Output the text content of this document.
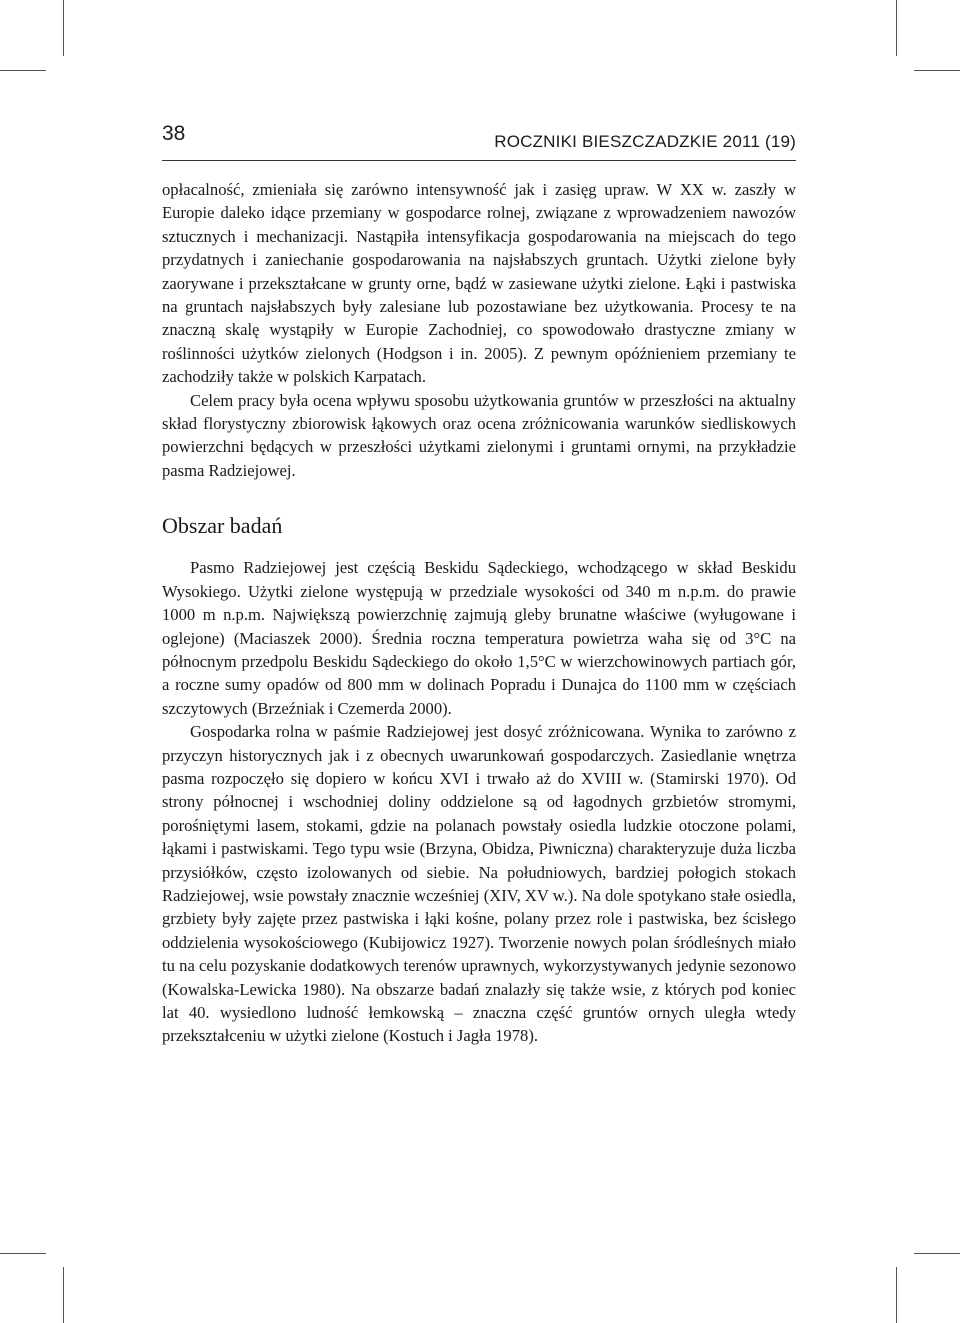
38	ROCZNIKI BIESZCZADZKIE 2011 (19)

opłacalność, zmieniała się zarówno intensywność jak i zasięg upraw. W XX w. zaszły w Europie daleko idące przemiany w gospodarce rolnej, związane z wprowadzeniem nawozów sztucznych i mechanizacji. Nastąpiła intensyfikacja gospodarowania na miejscach do tego przydatnych i zaniechanie gospodarowania na najsłabszych gruntach. Użytki zielone były zaorywane i przekształcane w grunty orne, bądź w zasiewane użytki zielone. Łąki i pastwiska na gruntach najsłabszych były zalesiane lub pozostawiane bez użytkowania. Procesy te na znaczną skalę wystąpiły w Europie Zachodniej, co spowodowało drastyczne zmiany w roślinności użytków zielonych (Hodgson i in. 2005). Z pewnym opóźnieniem przemiany te zachodziły także w polskich Karpatach.

Celem pracy była ocena wpływu sposobu użytkowania gruntów w przeszłości na aktualny skład florystyczny zbiorowisk łąkowych oraz ocena zróżnicowania warunków siedliskowych powierzchni będących w przeszłości użytkami zielonymi i gruntami ornymi, na przykładzie pasma Radziejowej.

Obszar badań

Pasmo Radziejowej jest częścią Beskidu Sądeckiego, wchodzącego w skład Beskidu Wysokiego. Użytki zielone występują w przedziale wysokości od 340 m n.p.m. do prawie 1000 m n.p.m. Największą powierzchnię zajmują gleby brunatne właściwe (wyługowane i oglejone) (Maciaszek 2000). Średnia roczna temperatura powietrza waha się od 3°C na północnym przedpolu Beskidu Sądeckiego do około 1,5°C w wierzchowinowych partiach gór, a roczne sumy opadów od 800 mm w dolinach Popradu i Dunajca do 1100 mm w częściach szczytowych (Brzeźniak i Czemerda 2000).

Gospodarka rolna w paśmie Radziejowej jest dosyć zróżnicowana. Wynika to zarówno z przyczyn historycznych jak i z obecnych uwarunkowań gospodarczych. Zasiedlanie wnętrza pasma rozpoczęło się dopiero w końcu XVI i trwało aż do XVIII w. (Stamirski 1970). Od strony północnej i wschodniej doliny oddzielone są od łagodnych grzbietów stromymi, porośniętymi lasem, stokami, gdzie na polanach powstały osiedla ludzkie otoczone polami, łąkami i pastwiskami. Tego typu wsie (Brzyna, Obidza, Piwniczna) charakteryzuje duża liczba przysiółków, często izolowanych od siebie. Na południowych, bardziej połogich stokach Radziejowej, wsie powstały znacznie wcześniej (XIV, XV w.). Na dole spotykano stałe osiedla, grzbiety były zajęte przez pastwiska i łąki kośne, polany przez role i pastwiska, bez ścisłego oddzielenia wysokościowego (Kubijowicz 1927). Tworzenie nowych polan śródleśnych miało tu na celu pozyskanie dodatkowych terenów uprawnych, wykorzystywanych jedynie sezonowo (Kowalska-Lewicka 1980). Na obszarze badań znalazły się także wsie, z których pod koniec lat 40. wysiedlono ludność łemkowską – znaczna część gruntów ornych uległa wtedy przekształceniu w użytki zielone (Kostuch i Jagła 1978).
